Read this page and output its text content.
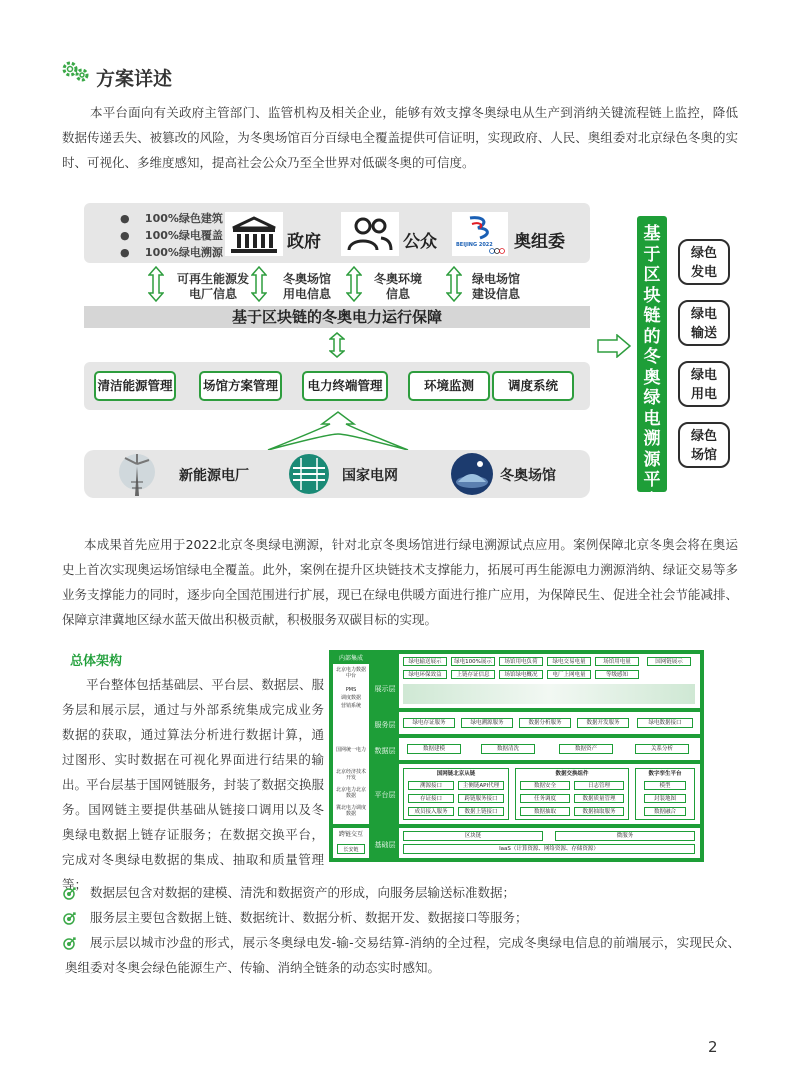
方案详述
本平台面向有关政府主管部门、监管机构及相关企业，能够有效支撑冬奥绿电从生产到消纳关键流程链上监控，降低数据传递丢失、被篡改的风险，为冬奥场馆百分百绿电全覆盖提供可信证明，实现政府、人民、奥组委对北京绿色冬奥的实时、可视化、多维度感知，提高社会公众乃至全世界对低碳冬奥的可信度。
●    100%绿色建筑
●    100%绿电覆盖
●    100%绿电溯源
政府	公众	BEIJING 2022 奥组委
可再生能源发
电厂信息
冬奥场馆
用电信息
冬奥环境
信息
绿电场馆
建设信息
基于区块链的冬奥电力运行保障
清洁能源管理	场馆方案管理	电力终端管理	环境监测	调度系统
新能源电厂	国家电网	冬奥场馆
基于区块链的冬奥绿电溯源平台
绿色
发电
绿电
输送
绿电
用电
绿色
场馆
本成果首先应用于2022北京冬奥绿电溯源，针对北京冬奥场馆进行绿电溯源试点应用。案例保障北京冬奥会将在奥运史上首次实现奥运场馆绿电全覆盖。此外，案例在提升区块链技术支撑能力，拓展可再生能源电力溯源消纳、绿证交易等多业务支撑能力的同时，逐步向全国范围进行扩展，现已在绿电供暖方面进行推广应用，为保障民生、促进全社会节能减排、保障京津冀地区绿水蓝天做出积极贡献，积极服务双碳目标的实现。
总体架构
平台整体包括基础层、平台层、数据层、服务层和展示层，通过与外部系统集成完成业务数据的获取，通过算法分析进行数据计算，通过图形、实时数据在可视化界面进行结果的输出。
平台层基于国网链服务，封装了数据交换服务。国网链主要提供基础从链接口调用以及冬奥绿电数据上链存证服务；在数据交换平台，完成对冬奥绿电数据的集成、抽取和质量管理等；
内部集成
北京电力数据中台
PMS
调度数据
营销系统
国网统一电力
北京经济技术开发
北京电力北京数据
冀北电力调度数据
跨链交互
长安链
展示层
绿电输送展示	绿电100%展示	场馆用电负荷	绿电交易电量	场馆用电量	国网链展示
绿电环保效益	上链存证信息	场馆绿电概况	电厂上网电量	等级感知
服务层	绿电存证服务	绿电溯源服务	数据分析服务	数据开发服务	绿电数据接口
数据层	数据建模	数据清洗	数据资产	关系分析
平台层
国网链北京从链
溯源接口	主侧链API代理
存证接口	跨链服务接口
成员接入服务	数据上链接口
数据交换组件
数据安全	日志管理
任务调度	数据质量管理
数据抽取	数据抽取服务
数字孪生平台
模型
封装地图
数据融合
基础层
区块链	微服务
IaaS（计算资源、网络资源、存储资源）
数据层包含对数据的建模、清洗和数据资产的形成，向服务层输送标准数据；
服务层主要包含数据上链、数据统计、数据分析、数据开发、数据接口等服务；
展示层以城市沙盘的形式，展示冬奥绿电发-输-交易结算-消纳的全过程，完成冬奥绿电信息的前端展示，实现民众、奥组委对冬奥会绿色能源生产、传输、消纳全链条的动态实时感知。
2
